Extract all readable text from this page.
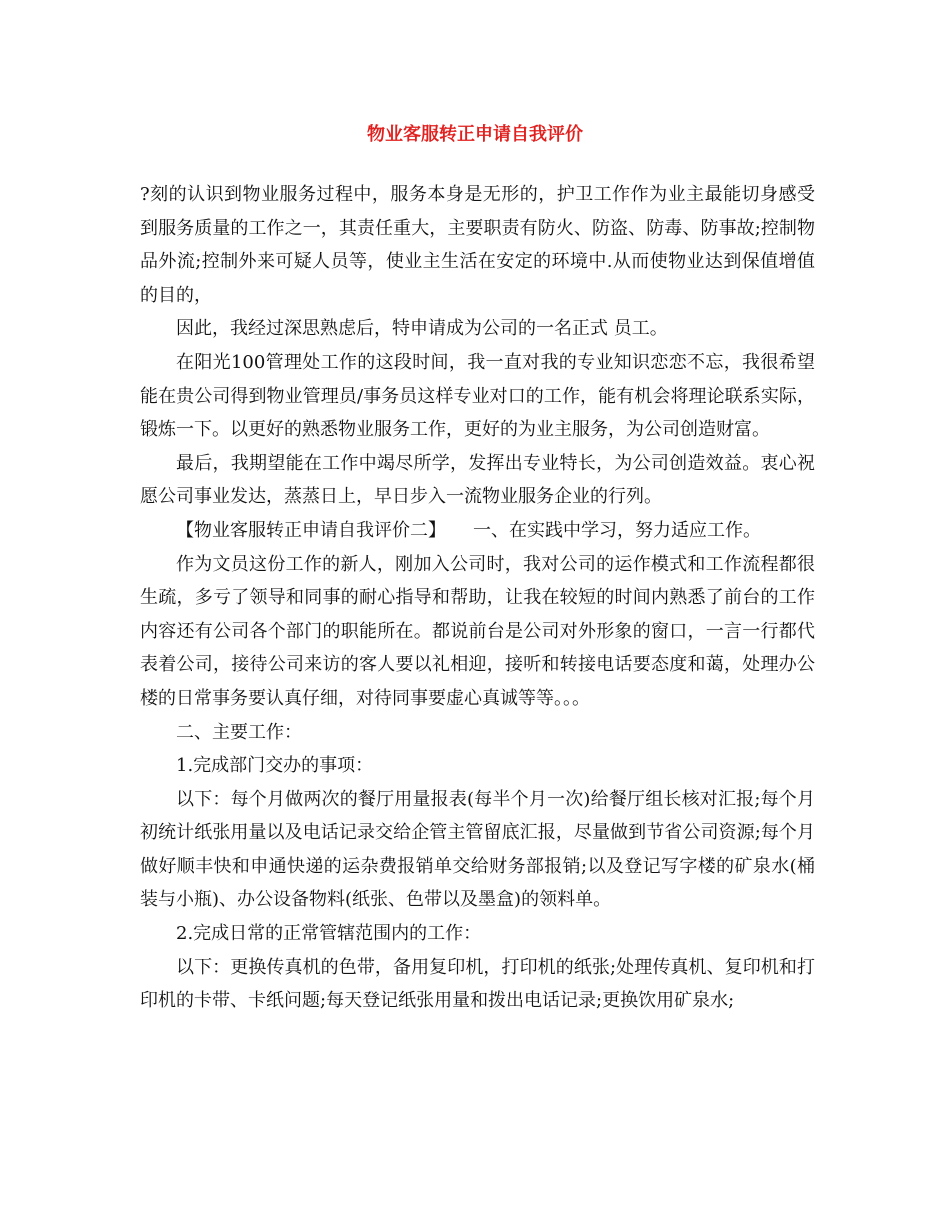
物业客服转正申请自我评价

?刻的认识到物业服务过程中，服务本身是无形的，护卫工作作为业主最能切身感受到服务质量的工作之一，其责任重大，主要职责有防火、防盗、防毒、防事故;控制物品外流;控制外来可疑人员等，使业主生活在安定的环境中.从而使物业达到保值增值的目的，

因此，我经过深思熟虑后，特申请成为公司的一名正式 员工。

在阳光100管理处工作的这段时间，我一直对我的专业知识恋恋不忘，我很希望能在贵公司得到物业管理员/事务员这样专业对口的工作，能有机会将理论联系实际，锻炼一下。以更好的熟悉物业服务工作，更好的为业主服务，为公司创造财富。

最后，我期望能在工作中竭尽所学，发挥出专业特长，为公司创造效益。衷心祝愿公司事业发达，蒸蒸日上，早日步入一流物业服务企业的行列。

【物业客服转正申请自我评价二】　　一、在实践中学习，努力适应工作。

作为文员这份工作的新人，刚加入公司时，我对公司的运作模式和工作流程都很生疏，多亏了领导和同事的耐心指导和帮助，让我在较短的时间内熟悉了前台的工作内容还有公司各个部门的职能所在。都说前台是公司对外形象的窗口，一言一行都代表着公司，接待公司来访的客人要以礼相迎，接听和转接电话要态度和蔼，处理办公楼的日常事务要认真仔细，对待同事要虚心真诚等等。。。

二、主要工作：

1.完成部门交办的事项：

以下：每个月做两次的餐厅用量报表(每半个月一次)给餐厅组长核对汇报;每个月初统计纸张用量以及电话记录交给企管主管留底汇报，尽量做到节省公司资源;每个月做好顺丰快和申通快递的运杂费报销单交给财务部报销;以及登记写字楼的矿泉水(桶装与小瓶)、办公设备物料(纸张、色带以及墨盒)的领料单。

2.完成日常的正常管辖范围内的工作：

以下：更换传真机的色带，备用复印机，打印机的纸张;处理传真机、复印机和打印机的卡带、卡纸问题;每天登记纸张用量和拨出电话记录;更换饮用矿泉水;
